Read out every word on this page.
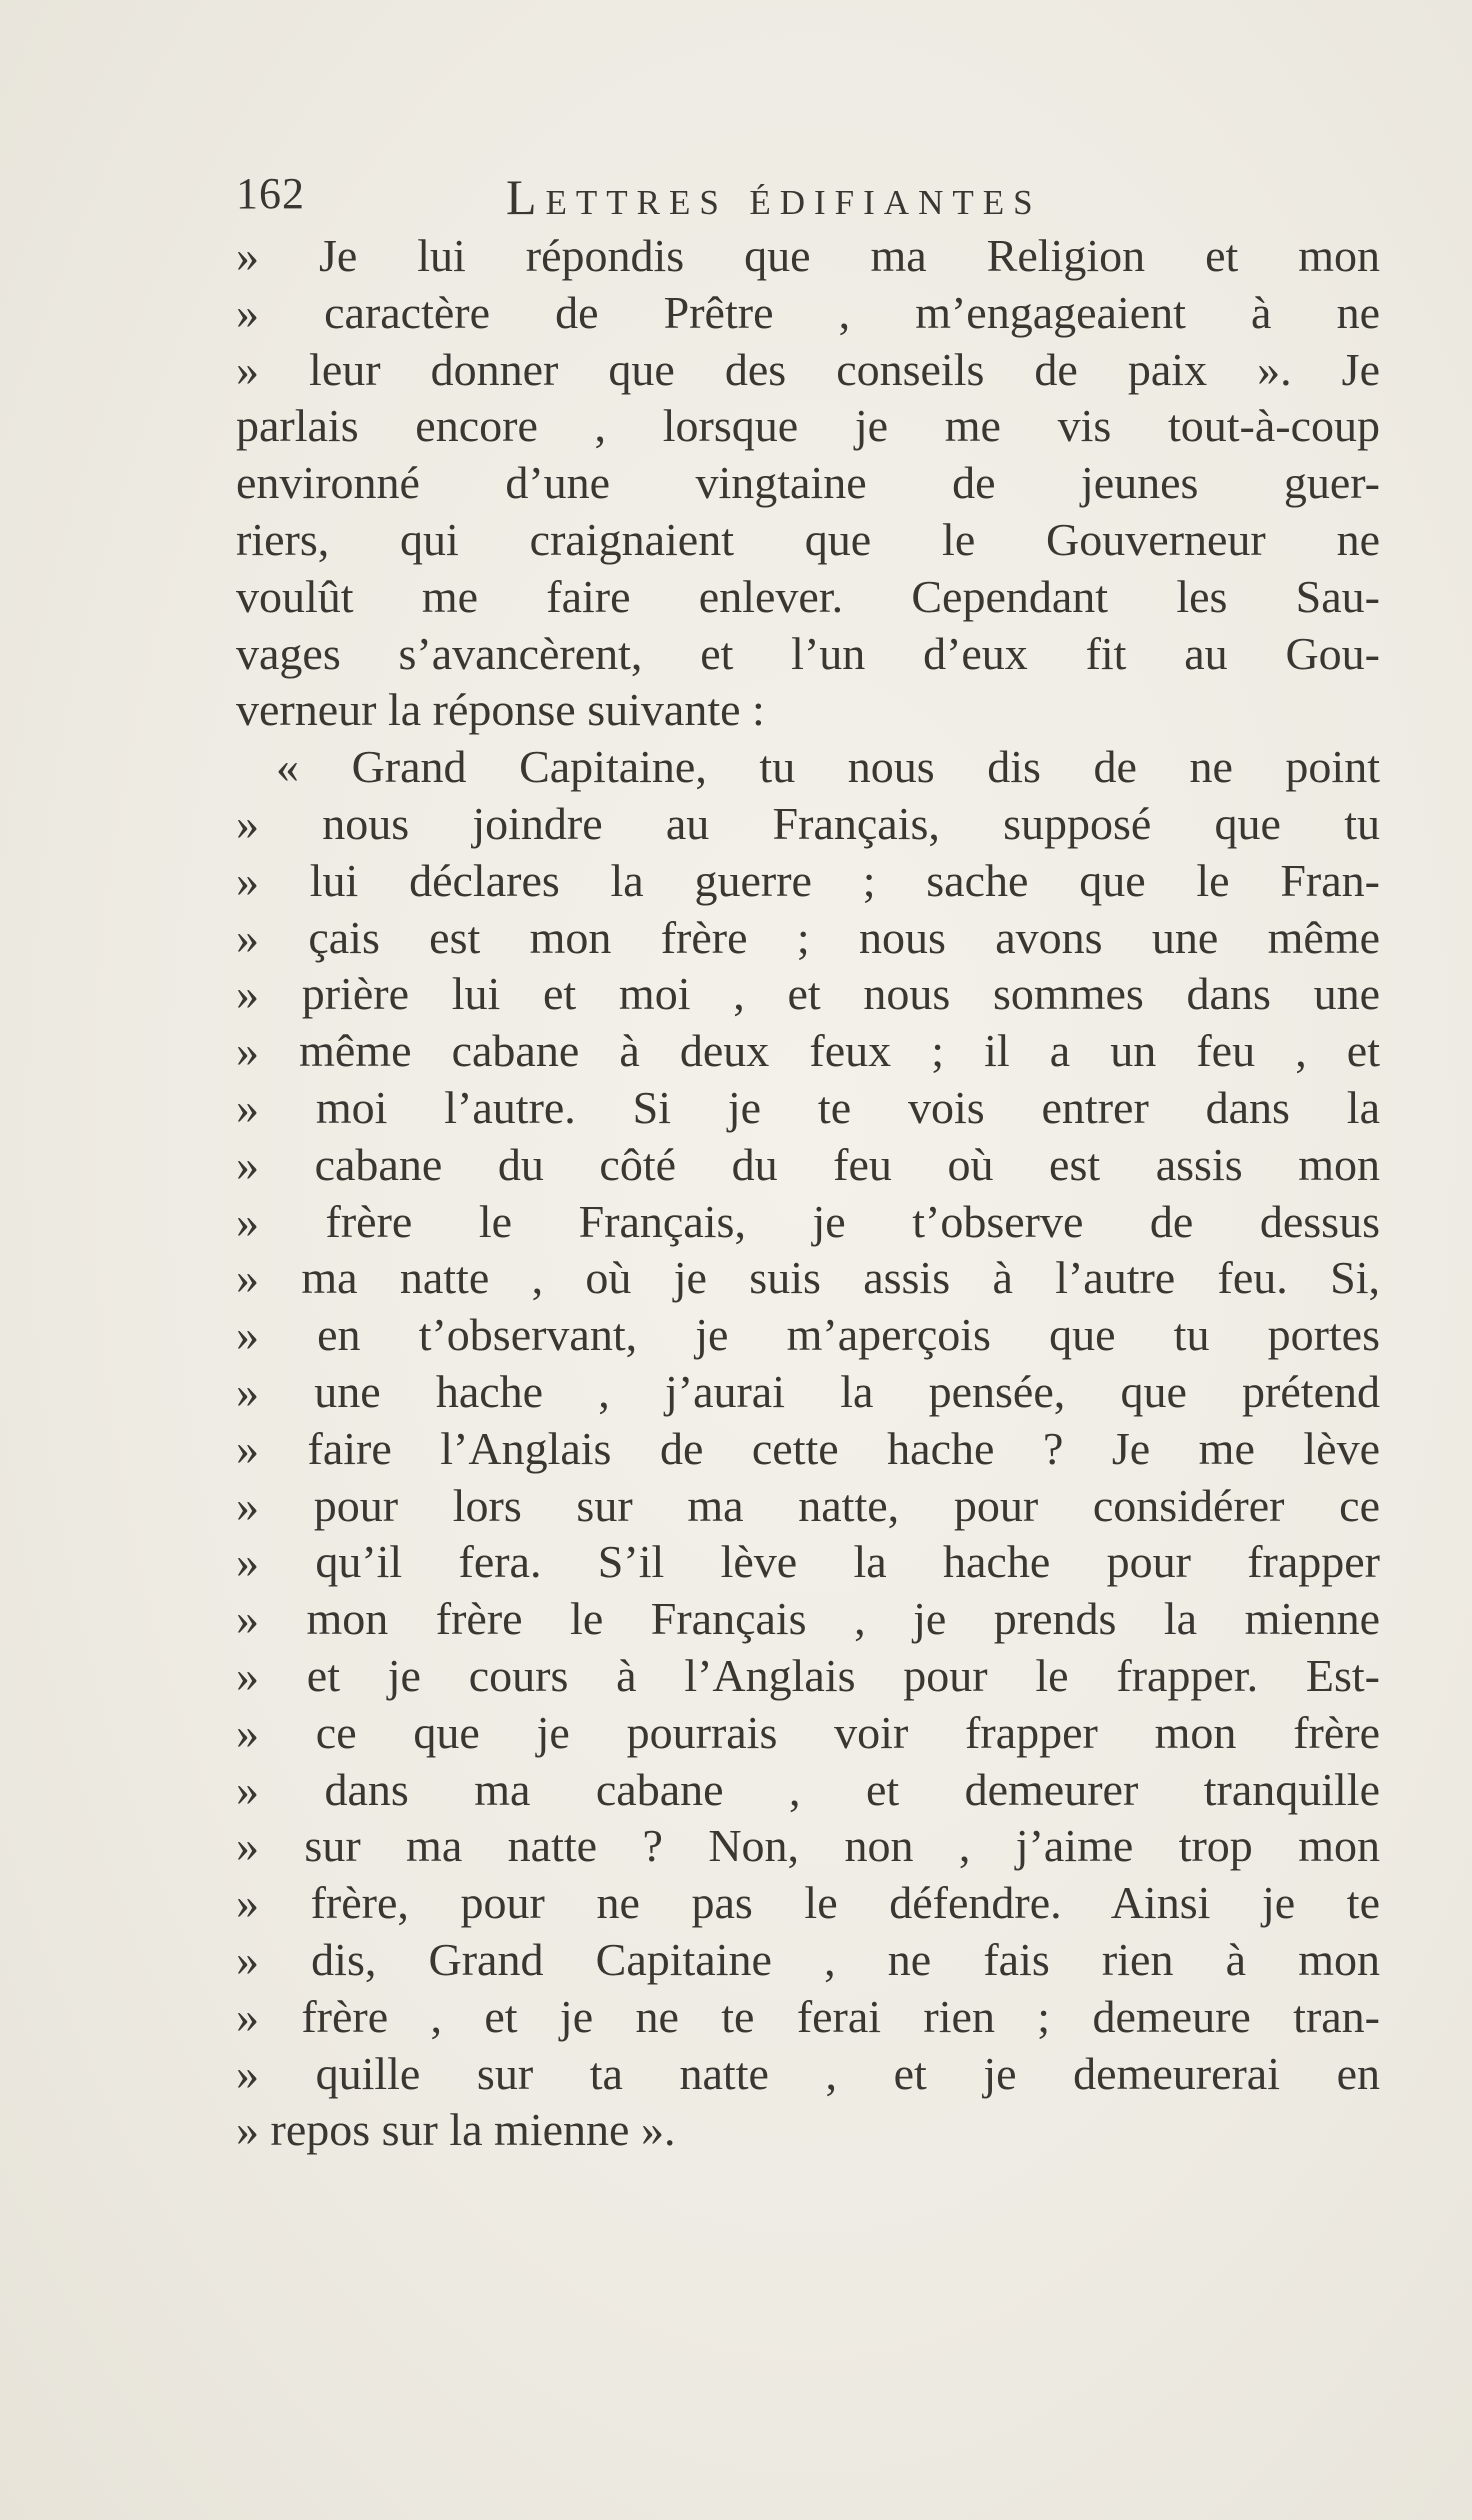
162	Lettres édifiantes
» Je lui répondis que ma Religion et mon
» caractère de Prêtre , m’engageaient à ne
» leur donner que des conseils de paix ». Je
parlais encore , lorsque je me vis tout-à-coup
environné d’une vingtaine de jeunes guer-
riers, qui craignaient que le Gouverneur ne
voulût me faire enlever. Cependant les Sau-
vages s’avancèrent, et l’un d’eux fit au Gou-
verneur la réponse suivante :
« Grand Capitaine, tu nous dis de ne point
» nous joindre au Français, supposé que tu
» lui déclares la guerre ; sache que le Fran-
» çais est mon frère ; nous avons une même
» prière lui et moi , et nous sommes dans une
» même cabane à deux feux ; il a un feu , et
» moi l’autre. Si je te vois entrer dans la
» cabane du côté du feu où est assis mon
» frère le Français, je t’observe de dessus
» ma natte , où je suis assis à l’autre feu. Si,
» en t’observant, je m’aperçois que tu portes
» une hache , j’aurai la pensée, que prétend
» faire l’Anglais de cette hache ? Je me lève
» pour lors sur ma natte, pour considérer ce
» qu’il fera. S’il lève la hache pour frapper
» mon frère le Français , je prends la mienne
» et je cours à l’Anglais pour le frapper. Est-
» ce que je pourrais voir frapper mon frère
» dans ma cabane , et demeurer tranquille
» sur ma natte ? Non, non , j’aime trop mon
» frère, pour ne pas le défendre. Ainsi je te
» dis, Grand Capitaine , ne fais rien à mon
» frère , et je ne te ferai rien ; demeure tran-
» quille sur ta natte , et je demeurerai en
» repos sur la mienne ».
